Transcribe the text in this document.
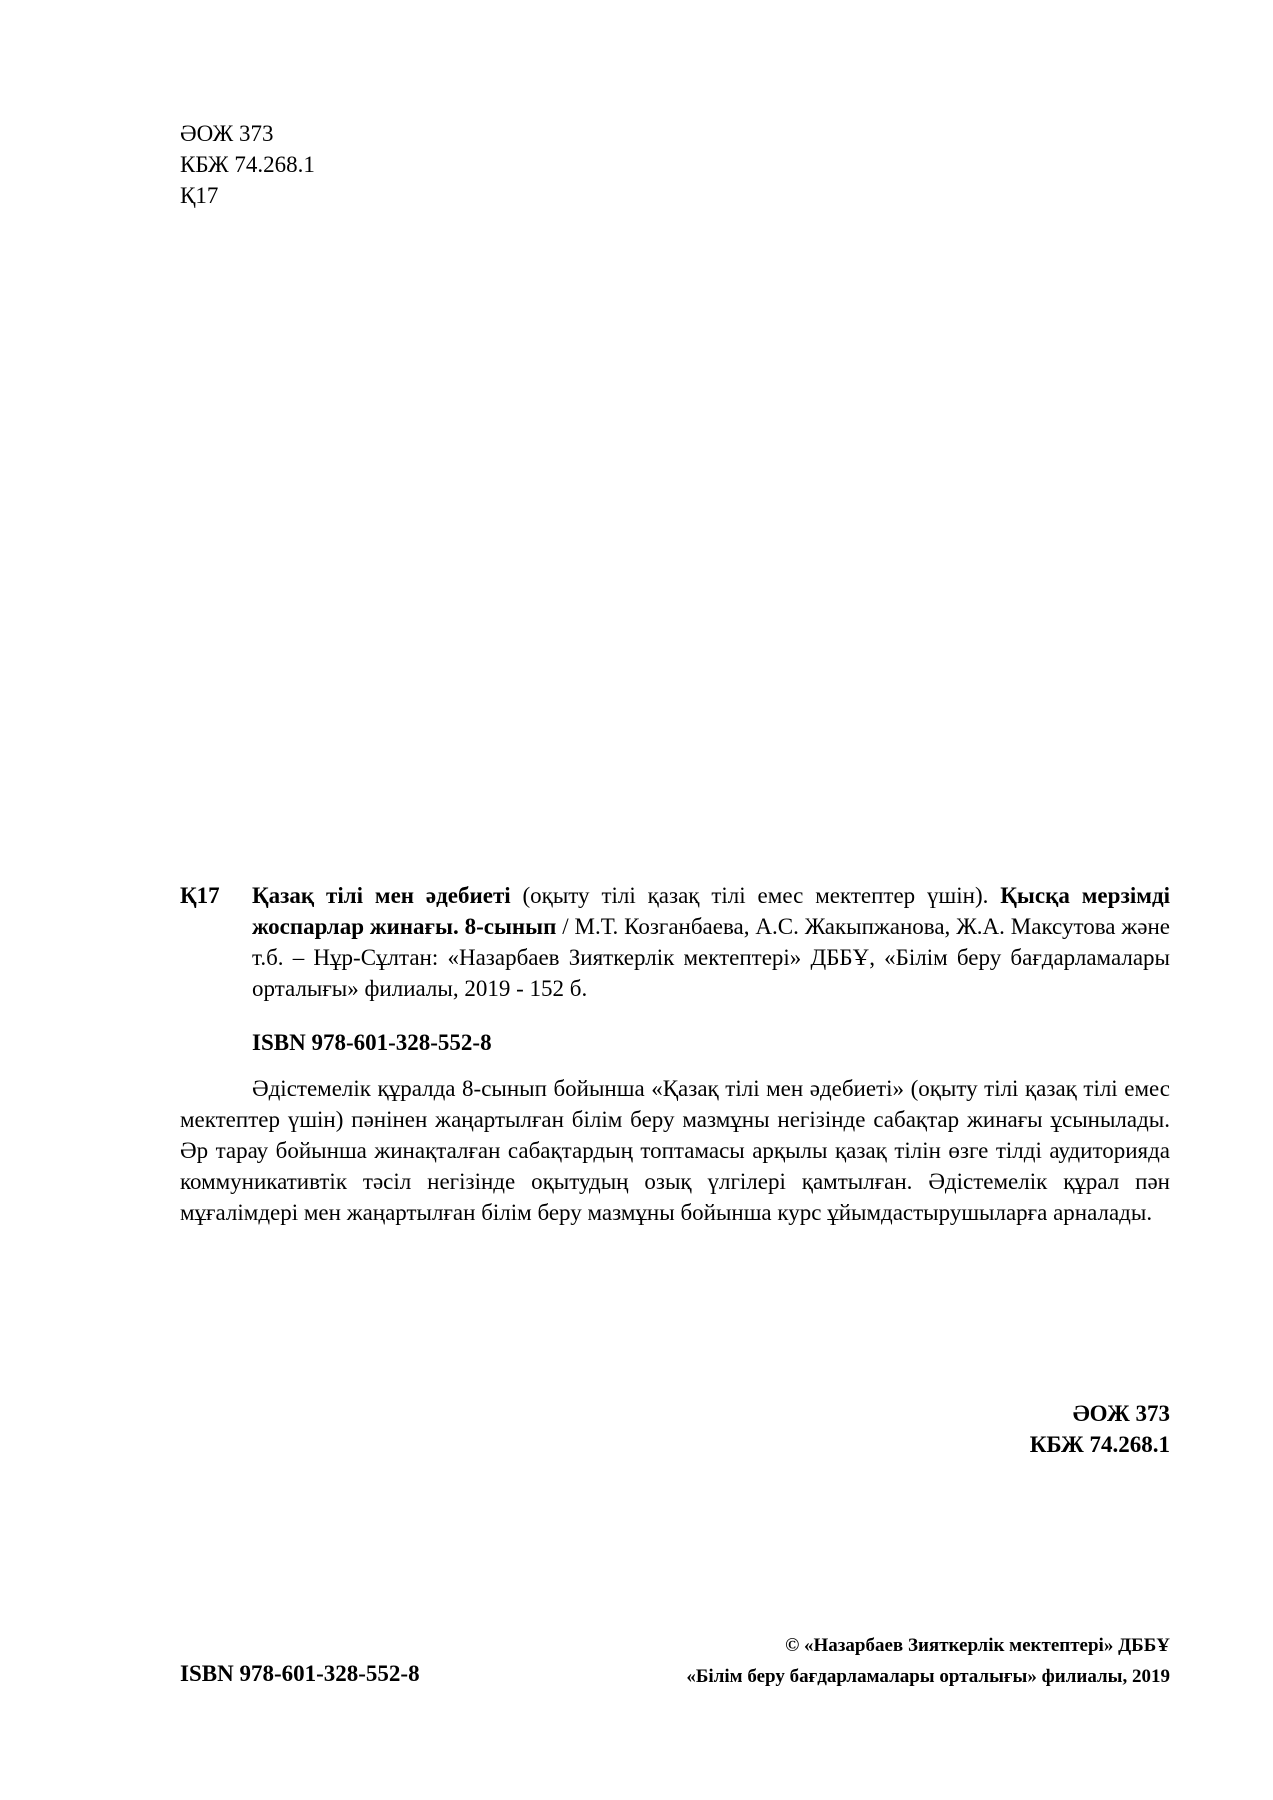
ӘОЖ 373
КБЖ 74.268.1
Қ17
Қ17 Қазақ тілі мен әдебиеті (оқыту тілі қазақ тілі емес мектептер үшін). Қысқа мерзімді жоспарлар жинағы. 8-сынып / М.Т. Козганбаева, А.С. Жакыпжанова, Ж.А. Максутова және т.б. – Нұр-Сұлтан: «Назарбаев Зияткерлік мектептері» ДББҰ, «Білім беру бағдарламалары орталығы» филиалы, 2019 - 152 б.
ISBN 978-601-328-552-8
Әдістемелік құралда 8-сынып бойынша «Қазақ тілі мен әдебиеті» (оқыту тілі қазақ тілі емес мектептер үшін) пәнінен жаңартылған білім беру мазмұны негізінде сабақтар жинағы ұсынылады. Әр тарау бойынша жинақталған сабақтардың топтамасы арқылы қазақ тілін өзге тілді аудиторияда коммуникативтік тәсіл негізінде оқытудың озық үлгілері қамтылған. Әдістемелік құрал пән мұғалімдері мен жаңартылған білім беру мазмұны бойынша курс ұйымдастырушыларға арналады.
ӘОЖ 373
КБЖ 74.268.1
ISBN 978-601-328-552-8
© «Назарбаев Зияткерлік мектептері» ДББҰ
«Білім беру бағдарламалары орталығы» филиалы, 2019
